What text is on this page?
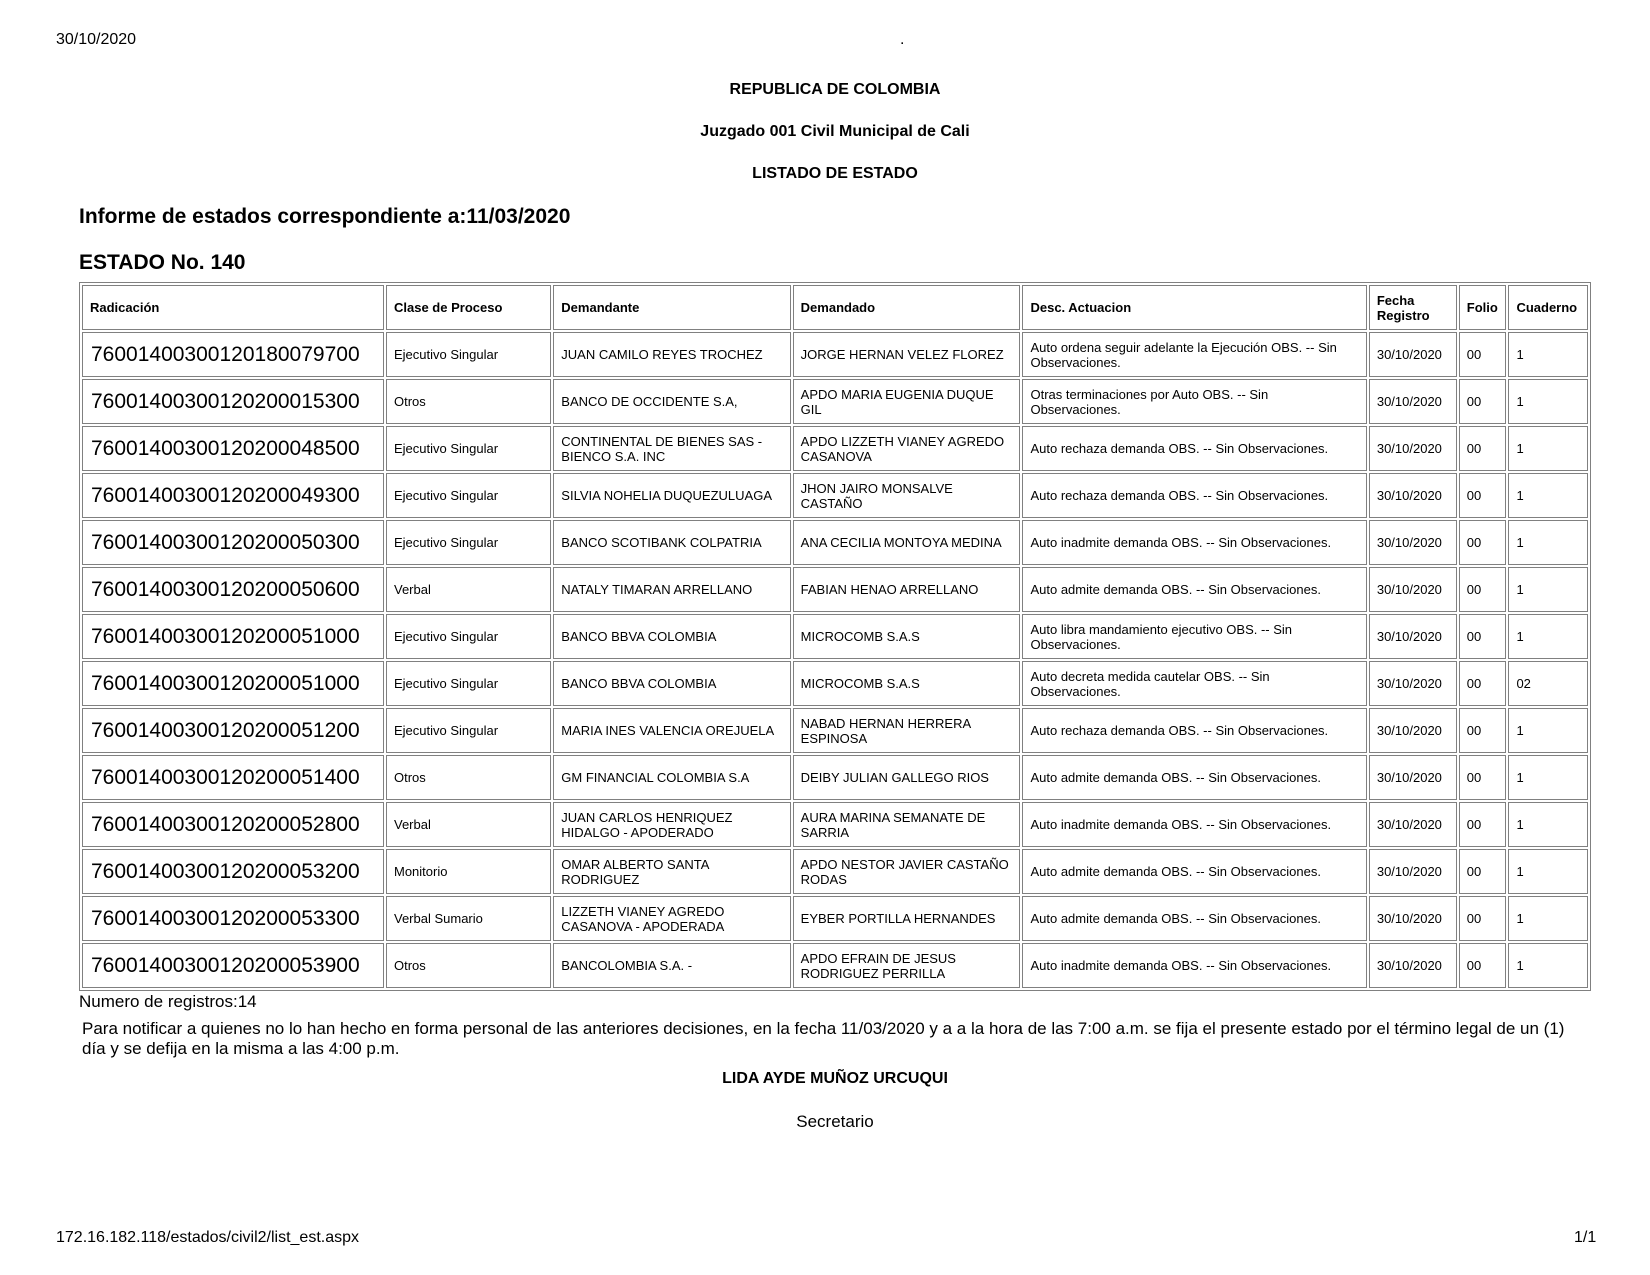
30/10/2020	.
REPUBLICA DE COLOMBIA
Juzgado 001 Civil Municipal de Cali
LISTADO DE ESTADO
Informe de estados correspondiente a:11/03/2020
ESTADO No. 140
Radicación	Clase de Proceso	Demandante	Demandado	Desc. Actuacion	Fecha Registro	Folio	Cuaderno
76001400300120180079700	Ejecutivo Singular	JUAN CAMILO REYES TROCHEZ	JORGE HERNAN VELEZ FLOREZ	Auto ordena seguir adelante la Ejecución OBS. -- Sin Observaciones.	30/10/2020	00	1
76001400300120200015300	Otros	BANCO DE OCCIDENTE S.A,	APDO MARIA EUGENIA DUQUE GIL	Otras terminaciones por Auto OBS. -- Sin Observaciones.	30/10/2020	00	1
76001400300120200048500	Ejecutivo Singular	CONTINENTAL DE BIENES SAS - BIENCO S.A. INC	APDO LIZZETH VIANEY AGREDO CASANOVA	Auto rechaza demanda OBS. -- Sin Observaciones.	30/10/2020	00	1
76001400300120200049300	Ejecutivo Singular	SILVIA NOHELIA DUQUEZULUAGA	JHON JAIRO MONSALVE CASTAÑO	Auto rechaza demanda OBS. -- Sin Observaciones.	30/10/2020	00	1
76001400300120200050300	Ejecutivo Singular	BANCO SCOTIBANK COLPATRIA	ANA CECILIA MONTOYA MEDINA	Auto inadmite demanda OBS. -- Sin Observaciones.	30/10/2020	00	1
76001400300120200050600	Verbal	NATALY TIMARAN ARRELLANO	FABIAN HENAO ARRELLANO	Auto admite demanda OBS. -- Sin Observaciones.	30/10/2020	00	1
76001400300120200051000	Ejecutivo Singular	BANCO BBVA COLOMBIA	MICROCOMB S.A.S	Auto libra mandamiento ejecutivo OBS. -- Sin Observaciones.	30/10/2020	00	1
76001400300120200051000	Ejecutivo Singular	BANCO BBVA COLOMBIA	MICROCOMB S.A.S	Auto decreta medida cautelar OBS. -- Sin Observaciones.	30/10/2020	00	02
76001400300120200051200	Ejecutivo Singular	MARIA INES VALENCIA OREJUELA	NABAD HERNAN HERRERA ESPINOSA	Auto rechaza demanda OBS. -- Sin Observaciones.	30/10/2020	00	1
76001400300120200051400	Otros	GM FINANCIAL COLOMBIA S.A	DEIBY JULIAN GALLEGO RIOS	Auto admite demanda OBS. -- Sin Observaciones.	30/10/2020	00	1
76001400300120200052800	Verbal	JUAN CARLOS HENRIQUEZ HIDALGO - APODERADO	AURA MARINA SEMANATE DE SARRIA	Auto inadmite demanda OBS. -- Sin Observaciones.	30/10/2020	00	1
76001400300120200053200	Monitorio	OMAR ALBERTO SANTA RODRIGUEZ	APDO NESTOR JAVIER CASTAÑO RODAS	Auto admite demanda OBS. -- Sin Observaciones.	30/10/2020	00	1
76001400300120200053300	Verbal Sumario	LIZZETH VIANEY AGREDO CASANOVA - APODERADA	EYBER PORTILLA HERNANDES	Auto admite demanda OBS. -- Sin Observaciones.	30/10/2020	00	1
76001400300120200053900	Otros	BANCOLOMBIA S.A. -	APDO EFRAIN DE JESUS RODRIGUEZ PERRILLA	Auto inadmite demanda OBS. -- Sin Observaciones.	30/10/2020	00	1
Numero de registros:14
Para notificar a quienes no lo han hecho en forma personal de las anteriores decisiones, en la fecha 11/03/2020 y a a la hora de las 7:00 a.m. se fija el presente estado por el término legal de un (1) día y se defija en la misma a las 4:00 p.m.
LIDA AYDE MUÑOZ URCUQUI
Secretario
172.16.182.118/estados/civil2/list_est.aspx	1/1
